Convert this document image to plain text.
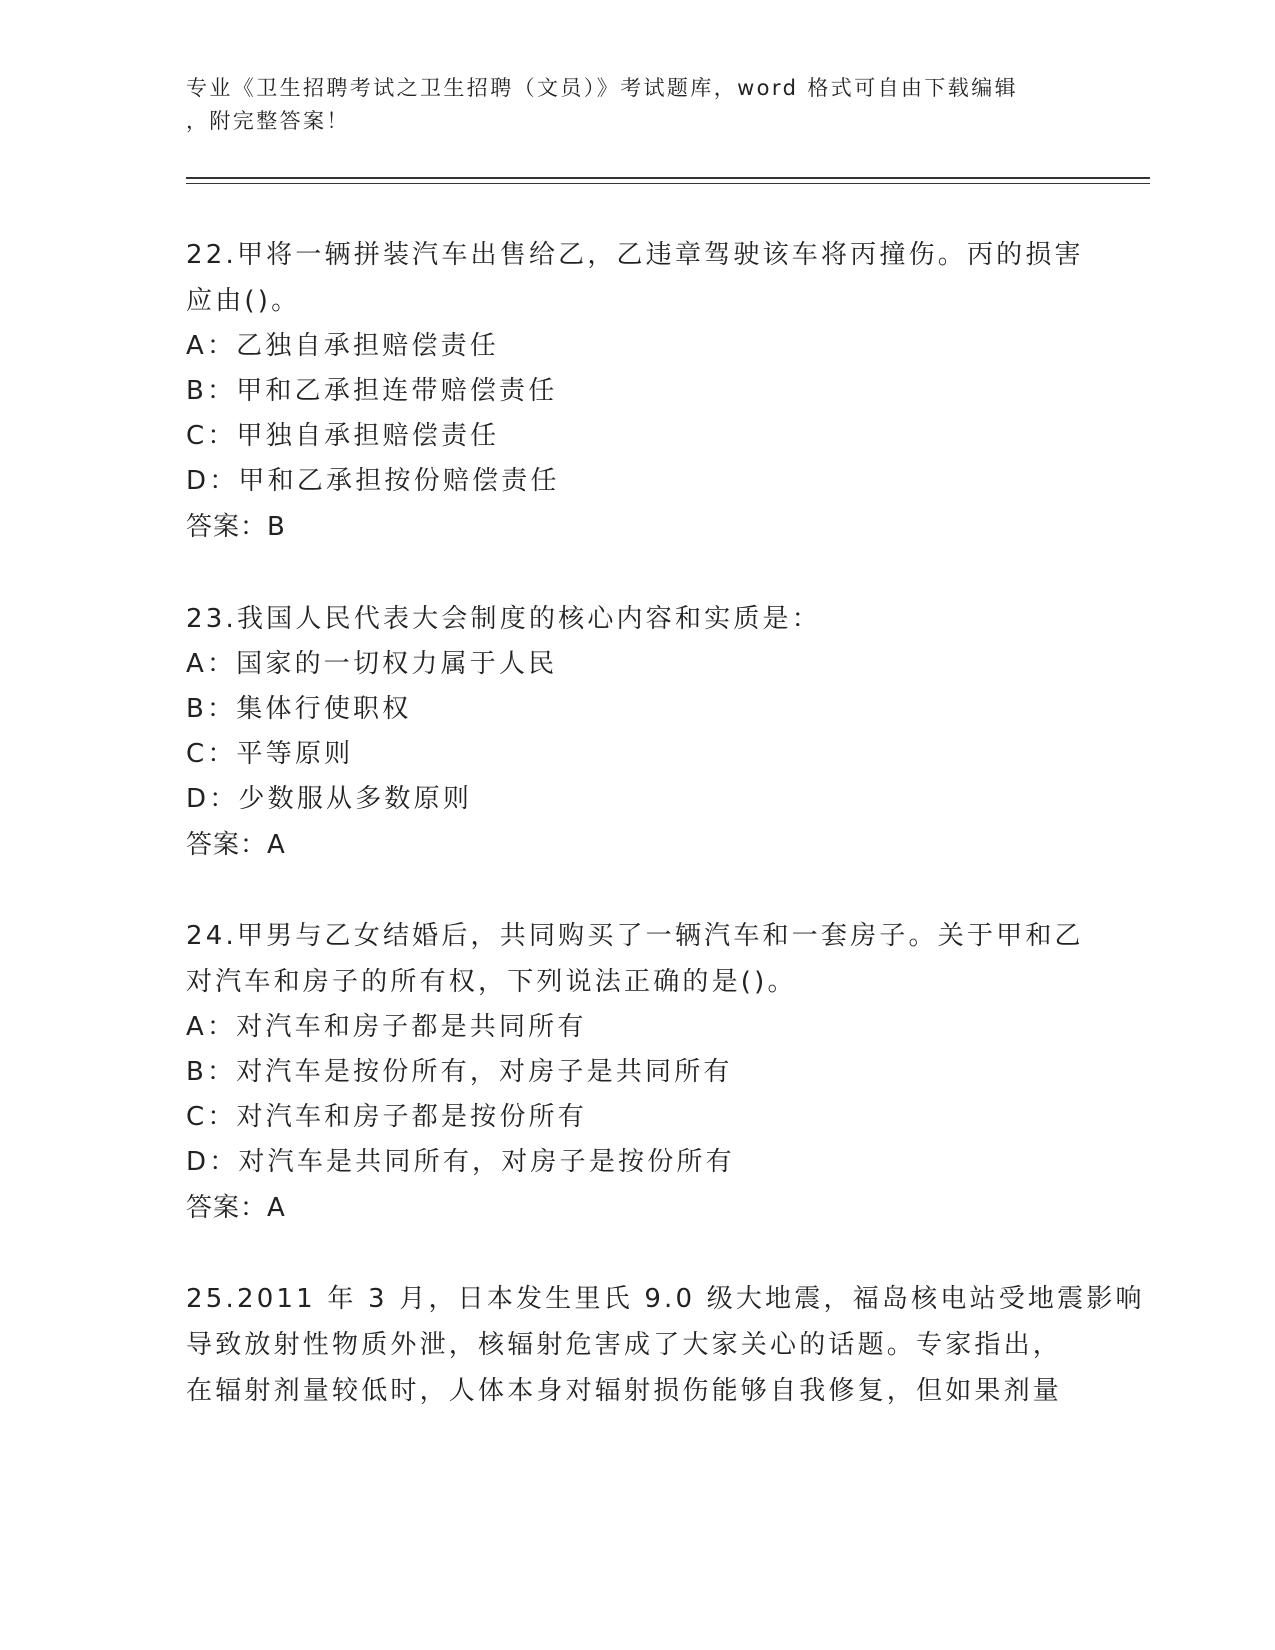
专业《卫生招聘考试之卫生招聘（文员）》考试题库，word 格式可自由下载编辑
，附完整答案！
22.甲将一辆拼装汽车出售给乙，乙违章驾驶该车将丙撞伤。丙的损害
应由()。
A：乙独自承担赔偿责任
B：甲和乙承担连带赔偿责任
C：甲独自承担赔偿责任
D：甲和乙承担按份赔偿责任
答案：B
23.我国人民代表大会制度的核心内容和实质是：
A：国家的一切权力属于人民
B：集体行使职权
C：平等原则
D：少数服从多数原则
答案：A
24.甲男与乙女结婚后，共同购买了一辆汽车和一套房子。关于甲和乙
对汽车和房子的所有权，下列说法正确的是()。
A：对汽车和房子都是共同所有
B：对汽车是按份所有，对房子是共同所有
C：对汽车和房子都是按份所有
D：对汽车是共同所有，对房子是按份所有
答案：A
25.2011 年 3 月，日本发生里氏 9.0 级大地震，福岛核电站受地震影响
导致放射性物质外泄，核辐射危害成了大家关心的话题。专家指出，
在辐射剂量较低时，人体本身对辐射损伤能够自我修复，但如果剂量
